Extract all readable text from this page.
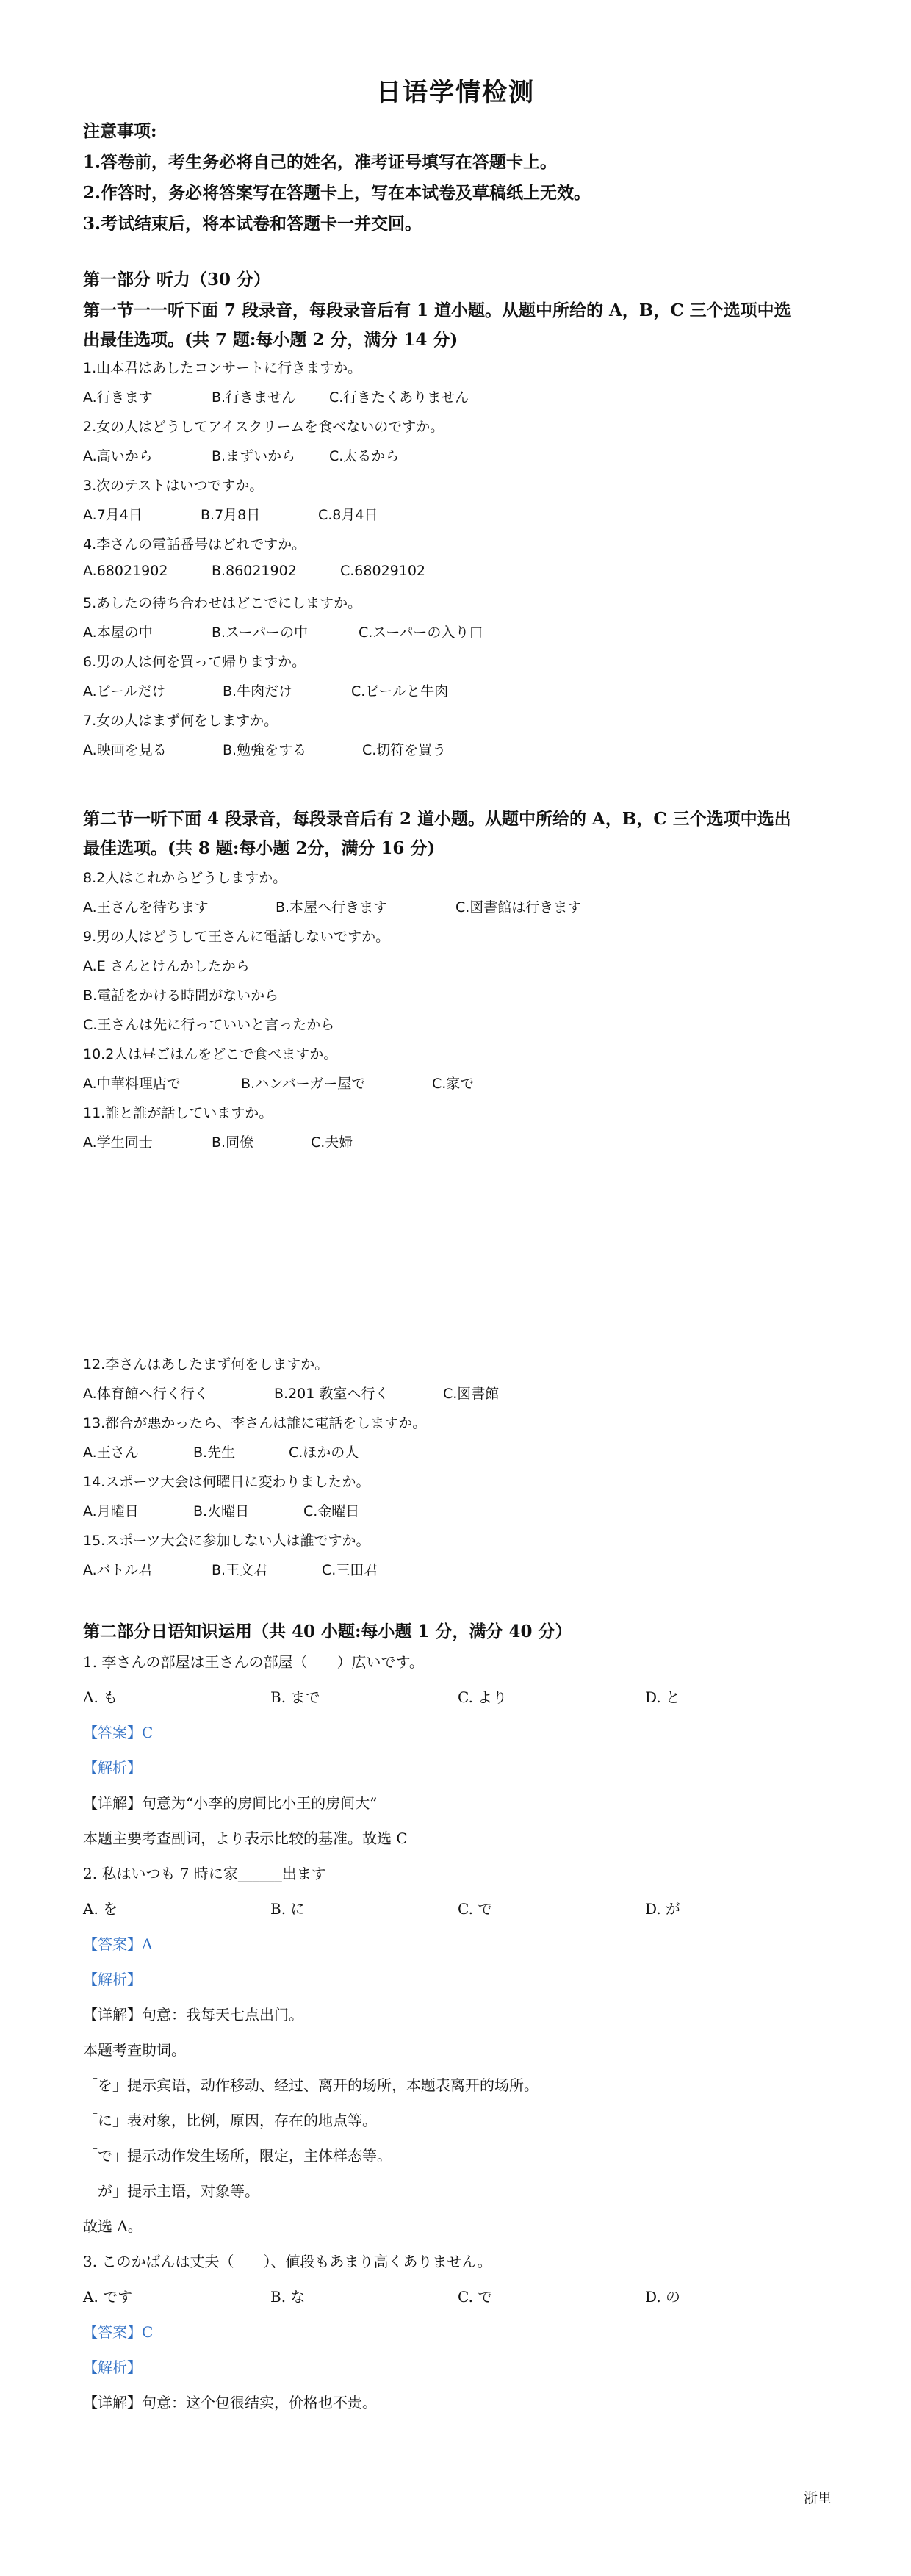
日语学情检测
注意事项:
1.答卷前，考生务必将自己的姓名，准考证号填写在答题卡上。
2.作答时，务必将答案写在答题卡上，写在本试卷及草稿纸上无效。
3.考试结束后，将本试卷和答题卡一并交回。
第一部分 听力（30 分）
第一节一一听下面 7 段录音，每段录音后有 1 道小题。从题中所给的 A，B，C 三个选项中选
出最佳选项。(共 7 题:每小题 2 分，满分 14 分)
1.山本君はあしたコンサートに行きますか。
A.行きます	B.行きません C.行きたくありません
2.女の人はどうしてアイスクリームを食べないのですか。
A.高いから	B.まずいから C.太るから
3.次のテストはいつですか。
A.7月4日	B.7月8日	C.8月4日
4.李さんの電話番号はどれですか。
A.68021902	B.86021902	C.68029102
5.あしたの待ち合わせはどこでにしますか。
A.本屋の中	B.スーパーの中	C.スーパーの入り口
6.男の人は何を買って帰りますか。
A.ビールだけ	B.牛肉だけ	C.ビールと牛肉
7.女の人はまず何をしますか。
A.映画を見る	B.勉強をする	C.切符を買う
第二节一听下面 4 段录音，每段录音后有 2 道小题。从题中所给的 A，B，C 三个选项中选出
最佳选项。(共 8 题:每小题 2分，满分 16 分)
8.2人はこれからどうしますか。
A.王さんを待ちます	B.本屋へ行きます	C.図書館は行きます
9.男の人はどうして王さんに電話しないですか。
A.E さんとけんかしたから
B.電話をかける時間がないから
C.王さんは先に行っていいと言ったから
10.2人は昼ごはんをどこで食べますか。
A.中華料理店で	B.ハンバーガー屋で	C.家で
11.誰と誰が話していますか。
A.学生同士	B.同僚	C.夫婦
12.李さんはあしたまず何をしますか。
A.体育館へ行く行く	B.201 教室へ行く	C.図書館
13.都合が悪かったら、李さんは誰に電話をしますか。
A.王さん	B.先生	C.ほかの人
14.スポーツ大会は何曜日に変わりましたか。
A.月曜日	B.火曜日	C.金曜日
15.スポーツ大会に参加しない人は誰ですか。
A.バトル君	B.王文君	C.三田君
第二部分日语知识运用（共 40 小题:每小题 1 分，满分 40 分）
1. 李さんの部屋は王さんの部屋（　　）広いです。
A. も	B. まで	C. より	D. と
【答案】C
【解析】
【详解】句意为“小李的房间比小王的房间大”
本题主要考查副词，より表示比较的基准。故选 C
2. 私はいつも 7 時に家______出ます
A. を	B. に	C. で	D. が
【答案】A
【解析】
【详解】句意：我每天七点出门。
本题考查助词。
「を」提示宾语，动作移动、经过、离开的场所，本题表离开的场所。
「に」表对象，比例，原因，存在的地点等。
「で」提示动作发生场所，限定，主体样态等。
「が」提示主语，对象等。
故选 A。
3. このかばんは丈夫（　　）、値段もあまり高くありません。
A. です	B. な	C. で	D. の
【答案】C
【解析】
【详解】句意：这个包很结实，价格也不贵。
浙里
